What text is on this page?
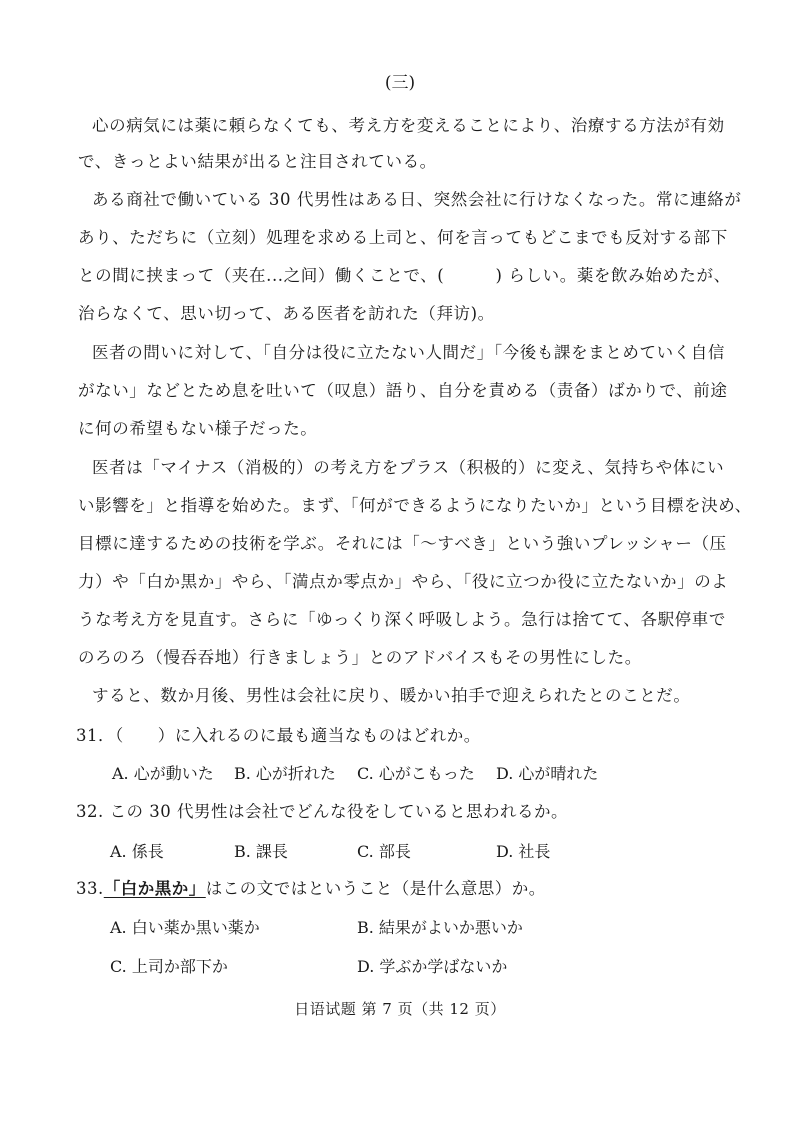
(三)
心の病気には薬に頼らなくても、考え方を変えることにより、治療する方法が有効
で、きっとよい結果が出ると注目されている。
ある商社で働いている 30 代男性はある日、突然会社に行けなくなった。常に連絡が
あり、ただちに（立刻）処理を求める上司と、何を言ってもどこまでも反対する部下
との間に挟まって（夹在...之间）働くことで、(　　　) らしい。薬を飲み始めたが、
治らなくて、思い切って、ある医者を訪れた（拜访)。
医者の問いに対して、「自分は役に立たない人間だ」「今後も課をまとめていく自信
がない」などとため息を吐いて（叹息）語り、自分を責める（责备）ばかりで、前途
に何の希望もない様子だった。
医者は「マイナス（消极的）の考え方をプラス（积极的）に変え、気持ちや体にい
い影響を」と指導を始めた。まず、「何ができるようになりたいか」という目標を決め、
目標に達するための技術を学ぶ。それには「～すべき」という強いプレッシャー（压
力）や「白か黒か」やら、「満点か零点か」やら、「役に立つか役に立たないか」のよ
うな考え方を見直す。さらに「ゆっくり深く呼吸しよう。急行は捨てて、各駅停車で
のろのろ（慢吞吞地）行きましょう」とのアドバイスもその男性にした。
すると、数か月後、男性は会社に戻り、暖かい拍手で迎えられたとのことだ。
31．（　　）に入れるのに最も適当なものはどれか。
A. 心が動いた B. 心が折れた C. 心がこもった D. 心が晴れた
32. この 30 代男性は会社でどんな役をしていると思われるか。
A. 係長	B. 課長	C. 部長	D. 社長
33.「白か黒か」はこの文ではということ（是什么意思）か。
A. 白い薬か黒い薬か	B. 結果がよいか悪いか
C. 上司か部下か	D. 学ぶか学ばないか
日语试题 第 7 页（共 12 页）
